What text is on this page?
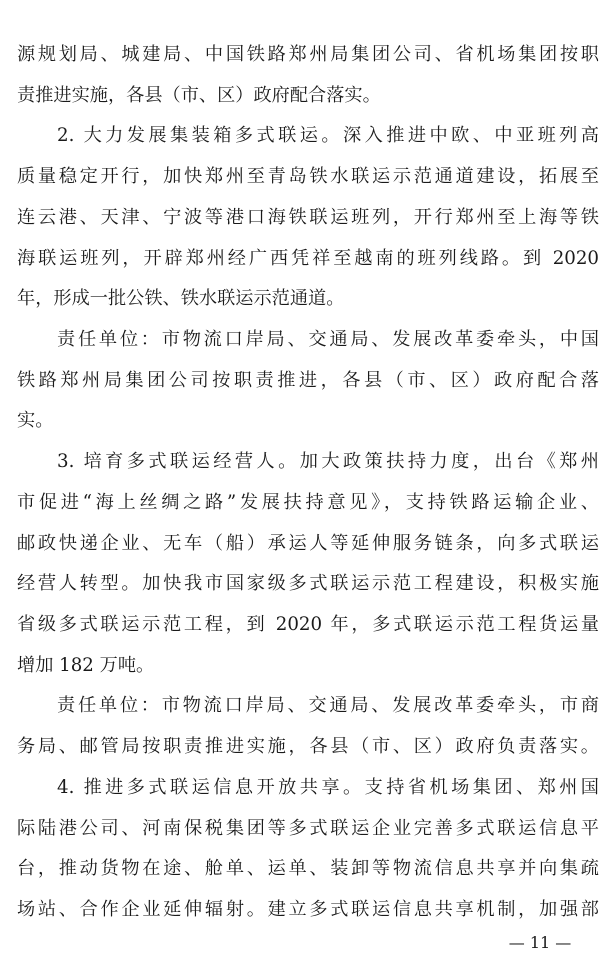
源规划局、城建局、中国铁路郑州局集团公司、省机场集团按职
责推进实施，各县（市、区）政府配合落实。
2. 大力发展集装箱多式联运。深入推进中欧、中亚班列高
质量稳定开行，加快郑州至青岛铁水联运示范通道建设，拓展至
连云港、天津、宁波等港口海铁联运班列，开行郑州至上海等铁
海联运班列，开辟郑州经广西凭祥至越南的班列线路。到 2020
年，形成一批公铁、铁水联运示范通道。
责任单位：市物流口岸局、交通局、发展改革委牵头，中国
铁路郑州局集团公司按职责推进，各县（市、区）政府配合落
实。
3. 培育多式联运经营人。加大政策扶持力度，出台《郑州
市促进“海上丝绸之路”发展扶持意见》，支持铁路运输企业、
邮政快递企业、无车（船）承运人等延伸服务链条，向多式联运
经营人转型。加快我市国家级多式联运示范工程建设，积极实施
省级多式联运示范工程，到 2020 年，多式联运示范工程货运量
增加 182 万吨。
责任单位：市物流口岸局、交通局、发展改革委牵头，市商
务局、邮管局按职责推进实施，各县（市、区）政府负责落实。
4. 推进多式联运信息开放共享。支持省机场集团、郑州国
际陆港公司、河南保税集团等多式联运企业完善多式联运信息平
台，推动货物在途、舱单、运单、装卸等物流信息共享并向集疏
场站、合作企业延伸辐射。建立多式联运信息共享机制，加强部
— 11 —
